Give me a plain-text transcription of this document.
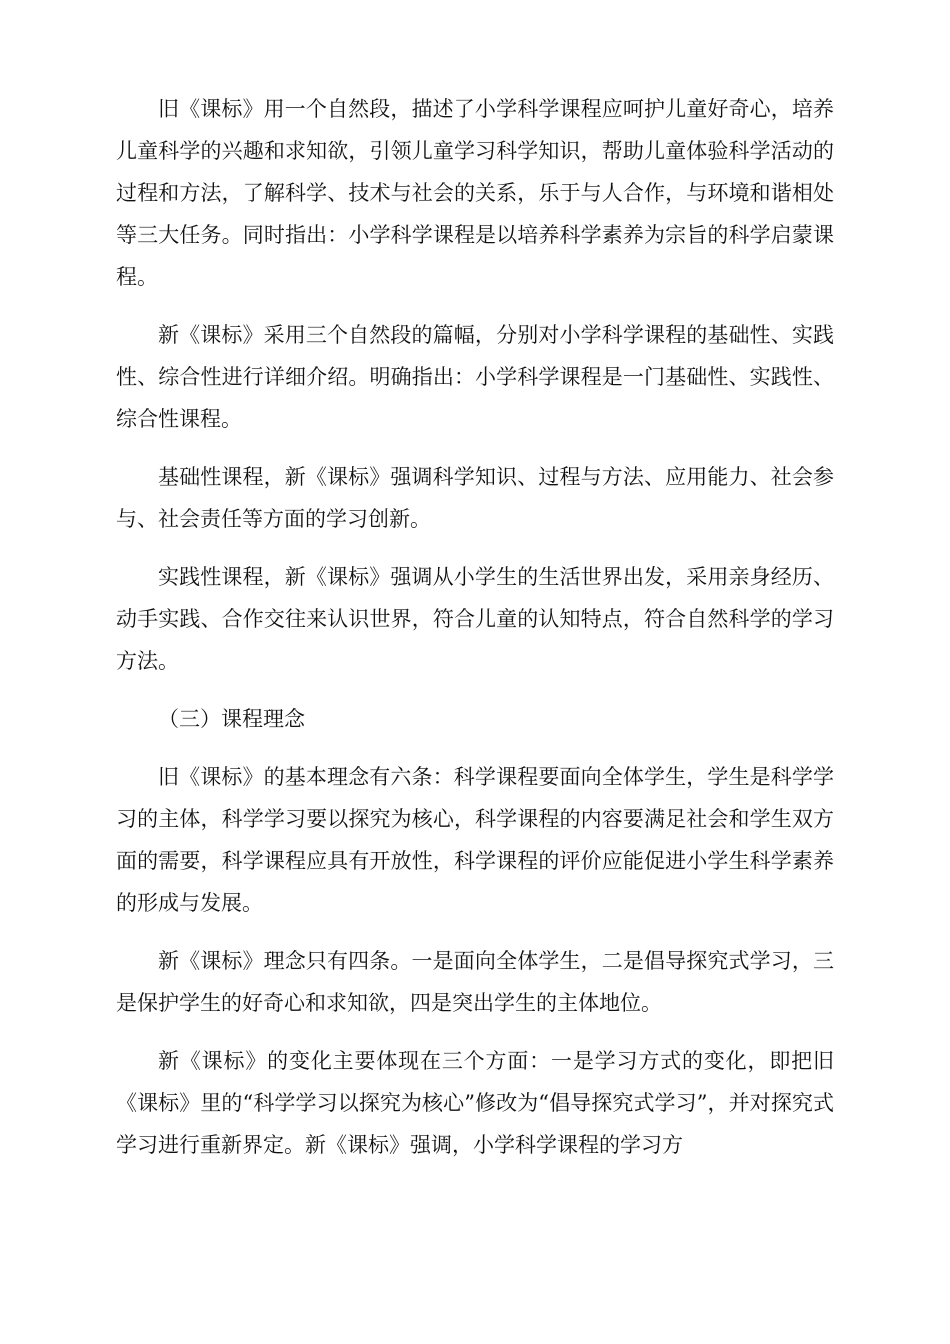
旧《课标》用一个自然段，描述了小学科学课程应呵护儿童好奇心，培养儿童科学的兴趣和求知欲，引领儿童学习科学知识，帮助儿童体验科学活动的过程和方法，了解科学、技术与社会的关系，乐于与人合作，与环境和谐相处等三大任务。同时指出：小学科学课程是以培养科学素养为宗旨的科学启蒙课程。

新《课标》采用三个自然段的篇幅，分别对小学科学课程的基础性、实践性、综合性进行详细介绍。明确指出：小学科学课程是一门基础性、实践性、综合性课程。

基础性课程，新《课标》强调科学知识、过程与方法、应用能力、社会参与、社会责任等方面的学习创新。

实践性课程，新《课标》强调从小学生的生活世界出发，采用亲身经历、动手实践、合作交往来认识世界，符合儿童的认知特点，符合自然科学的学习方法。

（三）课程理念

旧《课标》的基本理念有六条：科学课程要面向全体学生，学生是科学学习的主体，科学学习要以探究为核心，科学课程的内容要满足社会和学生双方面的需要，科学课程应具有开放性，科学课程的评价应能促进小学生科学素养的形成与发展。

新《课标》理念只有四条。一是面向全体学生，二是倡导探究式学习，三是保护学生的好奇心和求知欲，四是突出学生的主体地位。

新《课标》的变化主要体现在三个方面：一是学习方式的变化，即把旧《课标》里的“科学学习以探究为核心”修改为“倡导探究式学习”，并对探究式学习进行重新界定。新《课标》强调，小学科学课程的学习方
